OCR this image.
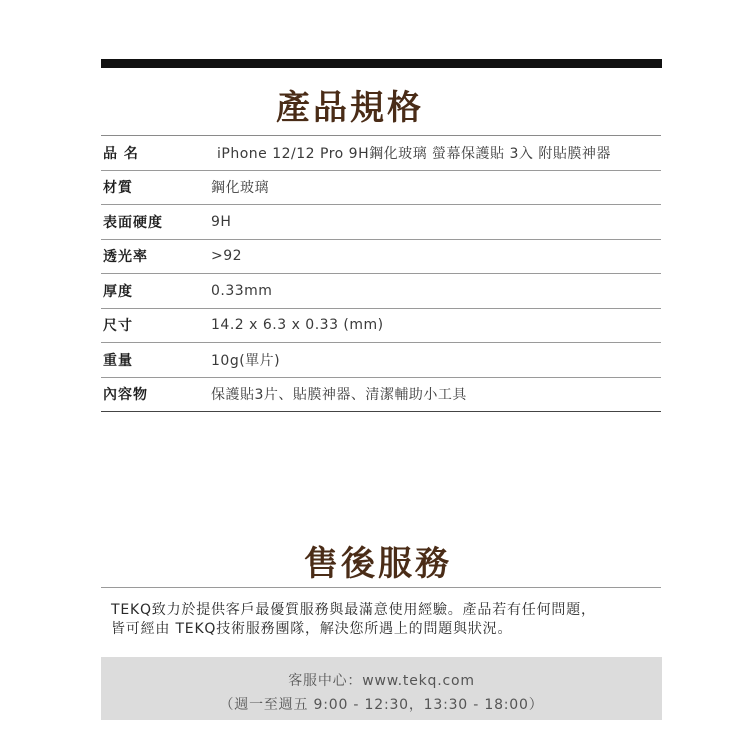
產品規格
品 名	iPhone 12/12 Pro 9H鋼化玻璃 螢幕保護貼 3入 附貼膜神器
材質	鋼化玻璃
表面硬度	9H
透光率	>92
厚度	0.33mm
尺寸	14.2 x 6.3 x 0.33 (mm)
重量	10g(單片)
內容物	保護貼3片、貼膜神器、清潔輔助小工具
售後服務
TEKQ致力於提供客戶最優質服務與最滿意使用經驗。產品若有任何問題，
皆可經由 TEKQ技術服務團隊，解決您所遇上的問題與狀況。
客服中心：www.tekq.com
（週一至週五 9:00 - 12:30，13:30 - 18:00）
